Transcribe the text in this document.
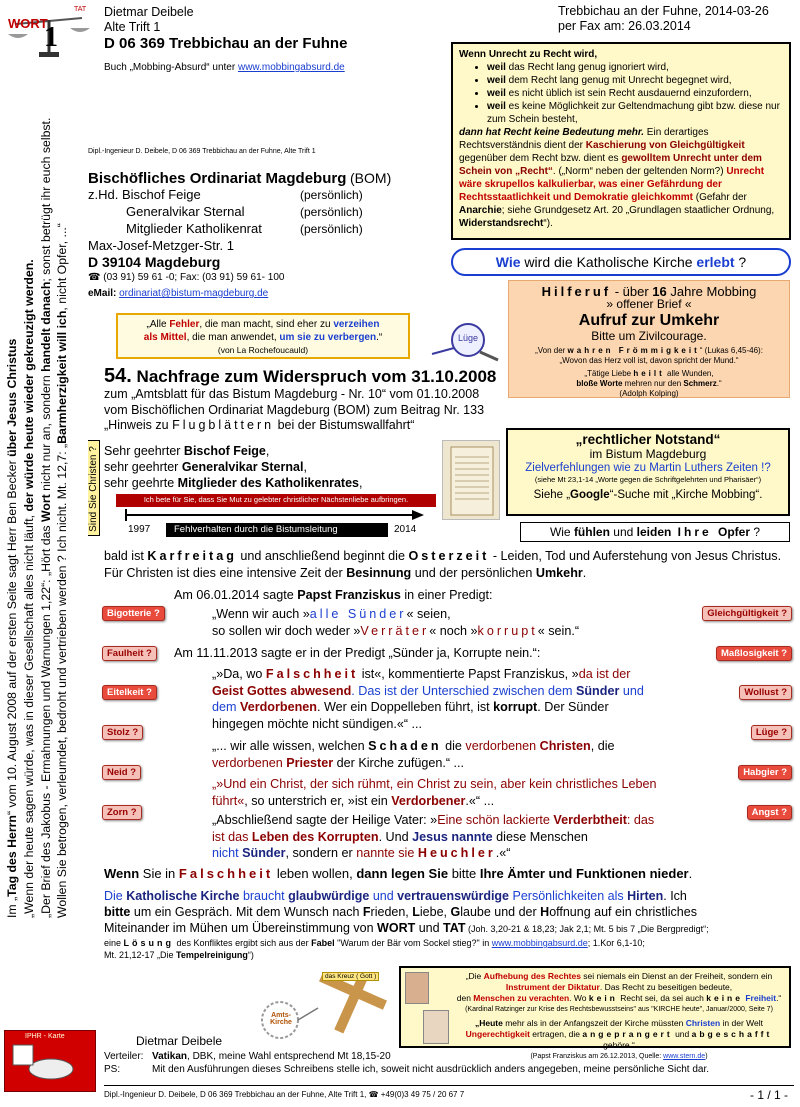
WORT
TAT
1
Dietmar Deibele
Alte Trift 1
D 06 369 Trebbichau an der Fuhne
Buch „Mobbing-Absurd“ unter www.mobbingabsurd.de
Trebbichau an der Fuhne, 2014-03-26
per Fax am: 26.03.2014
Wenn Unrecht zu Recht wird,
• weil das Recht lang genug ignoriert wird,
• weil dem Recht lang genug mit Unrecht begegnet wird,
• weil es nicht üblich ist sein Recht ausdauernd einzufordern,
• weil es keine Möglichkeit zur Geltendmachung gibt bzw. diese nur zum Schein besteht,
dann hat Recht keine Bedeutung mehr. Ein derartiges Rechtsverständnis dient der Kaschierung von Gleichgültigkeit gegenüber dem Recht bzw. dient es gewolltem Unrecht unter dem Schein von „Recht“. („Norm“ neben der geltenden Norm?) Unrecht wäre skrupellos kalkulierbar, was einer Gefährdung der Rechtsstaatlichkeit und Demokratie gleichkommt (Gefahr der Anarchie; siehe Grundgesetz Art. 20 „Grundlagen staatlicher Ordnung, Widerstandsrecht“).
Wie wird die Katholische Kirche erlebt ?
Dipl.-Ingenieur D. Deibele, D 06 369 Trebbichau an der Fuhne, Alte Trift 1
Bischöfliches Ordinariat Magdeburg (BOM)
z.Hd. Bischof Feige	(persönlich)
Generalvikar Sternal	(persönlich)
Mitglieder Katholikenrat	(persönlich)
Max-Josef-Metzger-Str. 1
D 39104 Magdeburg
☎ (03 91) 59 61 -0; Fax: (03 91) 59 61- 100
eMail: ordinariat@bistum-magdeburg.de	Hilferuf - über 16 Jahre Mobbing
» offener Brief «
Aufruf zur Umkehr
Bitte um Zivilcourage.
„Von der wahren Frömmigkeit“ (Lukas 6,45-46):
„Wovon das Herz voll ist, davon spricht der Mund.“
„Tätige Liebe heilt alle Wunden,
bloße Worte mehren nur den Schmerz.“
(Adolph Kolping)
„Alle Fehler, die man macht, sind eher zu verzeihen
als Mittel, die man anwendet, um sie zu verbergen.“
(von La Rochefoucauld)
Lüge
54. Nachfrage zum Widerspruch vom 31.10.2008
zum „Amtsblatt für das Bistum Magdeburg - Nr. 10“ vom 01.10.2008
vom Bischöflichen Ordinariat Magdeburg (BOM) zum Beitrag Nr. 133
„Hinweis zu Flugblättern bei der Bistumswallfahrt“
Sind Sie Christen ? Sehr geehrter Bischof Feige,
sehr geehrter Generalvikar Sternal,
sehr geehrte Mitglieder des Katholikenrates,
Ich bete für Sie, dass Sie Mut zu gelebter christlicher Nächstenliebe aufbringen.
1997	Fehlverhalten durch die Bistumsleitung	2014
„rechtlicher Notstand“
im Bistum Magdeburg
Zielverfehlungen wie zu Martin Luthers Zeiten !?
(siehe Mt 23,1-14 „Worte gegen die Schriftgelehrten und Pharisäer“)
Siehe „Google“-Suche mit „Kirche Mobbing“.
Wie fühlen und leiden Ihre Opfer ?
Im „Tag des Herrn“ vom 10. August 2008 auf der ersten Seite sagt Herr Ben Becker über Jesus Christus
„Wenn der heute sagen würde, was in dieser Gesellschaft alles nicht läuft, der würde heute wieder gekreuzigt werden.
„Der Brief des Jakobus - Ermahnungen und Warnungen 1,22“: „Hört das Wort nicht nur an, sondern handelt danach; sonst betrügt ihr euch selbst.
Wollen Sie betrogen, verleumdet, bedroht und vertrieben werden ? Ich nicht. Mt. 12,7: „Barmherzigkeit will ich, nicht Opfer, ...“
bald ist Karfreitag und anschließend beginnt die Osterzeit - Leiden, Tod und Auferstehung von Jesus Christus. Für Christen ist dies eine intensive Zeit der Besinnung und der persönlichen Umkehr.
Am 06.01.2014 sagte Papst Franziskus in einer Predigt:
„Wenn wir auch »alle Sünder« seien,
so sollen wir doch weder »Verräter« noch »korrupt« sein.“
Am 11.11.2013 sagte er in der Predigt „Sünder ja, Korrupte nein.“:
„»Da, wo Falschheit ist«, kommentierte Papst Franziskus, »da ist der
Geist Gottes abwesend. Das ist der Unterschied zwischen dem Sünder und
dem Verdorbenen. Wer ein Doppelleben führt, ist korrupt. Der Sünder
hingegen möchte nicht sündigen.«“ ...
„... wir alle wissen, welchen Schaden die verdorbenen Christen, die
verdorbenen Priester der Kirche zufügen.“ ...
„»Und ein Christ, der sich rühmt, ein Christ zu sein, aber kein christliches Leben
führt«, so unterstrich er, »ist ein Verdorbener.«“ ...
„Abschließend sagte der Heilige Vater: »Eine schön lackierte Verderbtheit: das
ist das Leben des Korrupten. Und Jesus nannte diese Menschen
nicht Sünder, sondern er nannte sie Heuchler.«“
Bigotterie ?
Faulheit ?
Eitelkeit ?
Stolz ?
Neid ?
Zorn ?
Gleichgültigkeit ?
Maßlosigkeit ?
Wollust ?
Lüge ?
Habgier ?
Angst ?
Wenn Sie in Falschheit leben wollen, dann legen Sie bitte Ihre Ämter und Funktionen nieder.
Die Katholische Kirche braucht glaubwürdige und vertrauenswürdige Persönlichkeiten als Hirten. Ich
bitte um ein Gespräch. Mit dem Wunsch nach Frieden, Liebe, Glaube und der Hoffnung auf ein christliches
Miteinander im Mühen um Übereinstimmung von WORT und TAT (Joh. 3,20-21 & 18,23; Jak 2,1; Mt. 5 bis 7 „Die Bergpredigt“;
eine Lösung des Konfliktes ergibt sich aus der Fabel "Warum der Bär vom Sockel stieg?" in www.mobbingabsurd.de; 1.Kor 6,1-10;
Mt. 21,12-17 „Die Tempelreinigung“)
das Kreuz ( Gott )
Amts-Kirche
„Die Aufhebung des Rechtes sei niemals ein Dienst an der Freiheit, sondern ein
Instrument der Diktatur. Das Recht zu beseitigen bedeute,
den Menschen zu verachten. Wo kein Recht sei, da sei auch keine Freiheit.“
(Kardinal Ratzinger zur Krise des Rechtsbewusstseins" aus "KIRCHE heute", Januar/2000, Seite 7)
„Heute mehr als in der Anfangszeit der Kirche müssten Christen in der Welt
Ungerechtigkeit ertragen, die angeprangert und abgeschafft gehöre.“
(Papst Franziskus am 26.12.2013, Quelle: www.stern.de)
IPHR - Karte	Dietmar Deibele
Verteiler: Vatikan, DBK, meine Wahl entsprechend Mt 18,15-20
PS:	Mit den Ausführungen dieses Schreibens stelle ich, soweit nicht ausdrücklich anders angegeben, meine persönliche Sicht dar.
Dipl.-Ingenieur D. Deibele, D 06 369 Trebbichau an der Fuhne, Alte Trift 1, ☎ +49(0)3 49 75 / 20 67 7	- 1 / 1 -
